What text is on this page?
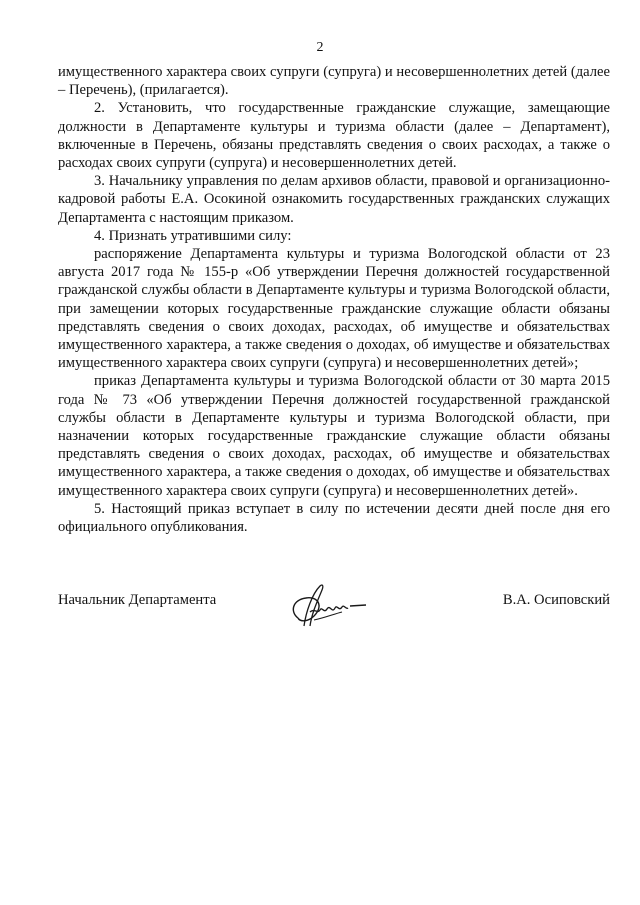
2

имущественного характера своих супруги (супруга) и несовершеннолетних детей (далее – Перечень), (прилагается).

2. Установить, что государственные гражданские служащие, замещающие должности в Департаменте культуры и туризма области (далее – Департамент), включенные в Перечень, обязаны представлять сведения о своих расходах, а также о расходах своих супруги (супруга) и несовершеннолетних детей.

3. Начальнику управления по делам архивов области, правовой и организационно-кадровой работы Е.А. Осокиной ознакомить государственных гражданских служащих Департамента с настоящим приказом.

4. Признать утратившими силу:

распоряжение Департамента культуры и туризма Вологодской области от 23 августа 2017 года № 155-р «Об утверждении Перечня должностей государственной гражданской службы области в Департаменте культуры и туризма Вологодской области, при замещении которых государственные гражданские служащие области обязаны представлять сведения о своих доходах, расходах, об имуществе и обязательствах имущественного характера, а также сведения о доходах, об имуществе и обязательствах имущественного характера своих супруги (супруга) и несовершеннолетних детей»;

приказ Департамента культуры и туризма Вологодской области от 30 марта 2015 года № 73 «Об утверждении Перечня должностей государственной гражданской службы области в Департаменте культуры и туризма Вологодской области, при назначении которых государственные гражданские служащие области обязаны представлять сведения о своих доходах, расходах, об имуществе и обязательствах имущественного характера, а также сведения о доходах, об имуществе и обязательствах имущественного характера своих супруги (супруга) и несовершеннолетних детей».

5. Настоящий приказ вступает в силу по истечении десяти дней после дня его официального опубликования.

Начальник Департамента	В.А. Осиповский
